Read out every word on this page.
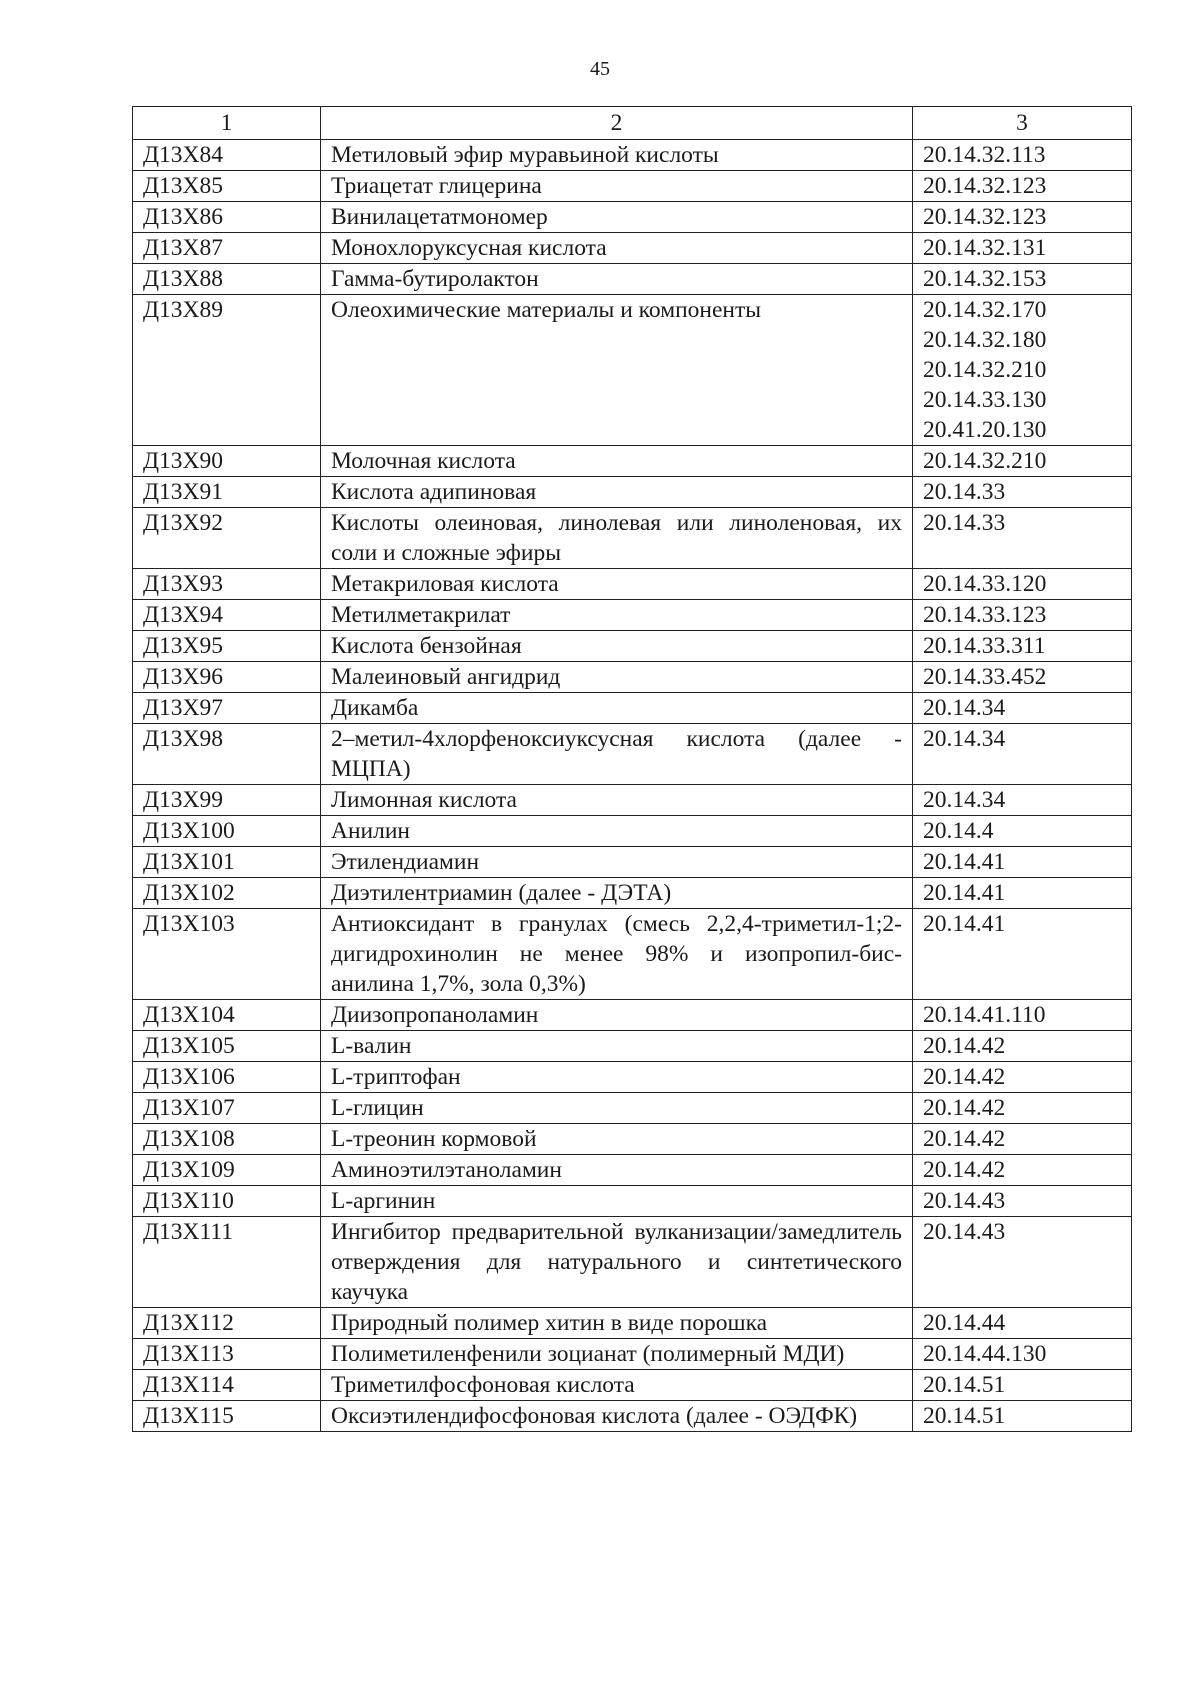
45
1	2	3
Д13Х84	Метиловый эфир муравьиной кислоты	20.14.32.113

Д13Х85	Триацетат глицерина	20.14.32.123

Д13Х86	Винилацетатмономер	20.14.32.123

Д13Х87	Монохлоруксусная кислота	20.14.32.131

Д13Х88	Гамма-бутиролактон	20.14.32.153

Д13Х89	Олеохимические материалы и компоненты	20.14.32.170
20.14.32.180
20.14.32.210
20.14.33.130
20.41.20.130

Д13Х90	Молочная кислота	20.14.32.210

Д13Х91	Кислота адипиновая	20.14.33

Д13Х92	Кислоты олеиновая, линолевая или линоленовая, их соли и сложные эфиры	20.14.33

Д13Х93	Метакриловая кислота	20.14.33.120

Д13Х94	Метилметакрилат	20.14.33.123

Д13Х95	Кислота бензойная	20.14.33.311

Д13Х96	Малеиновый ангидрид	20.14.33.452

Д13Х97	Дикамба	20.14.34

Д13Х98	2–метил-4хлорфеноксиуксусная кислота (далее - МЦПА)	20.14.34

Д13Х99	Лимонная кислота	20.14.34

Д13Х100	Анилин	20.14.4

Д13Х101	Этилендиамин	20.14.41

Д13Х102	Диэтилентриамин (далее - ДЭТА)	20.14.41

Д13Х103	Антиоксидант в гранулах (смесь 2,2,4-триметил-1;2-дигидрохинолин не менее 98% и изопропил-бис-анилина 1,7%, зола 0,3%)	20.14.41

Д13Х104	Диизопропаноламин	20.14.41.110

Д13Х105	L-валин	20.14.42

Д13Х106	L-триптофан	20.14.42

Д13Х107	L-глицин	20.14.42

Д13Х108	L-треонин кормовой	20.14.42

Д13Х109	Аминоэтилэтаноламин	20.14.42

Д13Х110	L-аргинин	20.14.43

Д13Х111	Ингибитор предварительной вулканизации/замедлитель отверждения для натурального и синтетического каучука	20.14.43

Д13Х112	Природный полимер хитин в виде порошка	20.14.44

Д13Х113	Полиметиленфенили зоцианат (полимерный МДИ)	20.14.44.130

Д13Х114	Триметилфосфоновая кислота	20.14.51

Д13Х115	Оксиэтилендифосфоновая кислота (далее - ОЭДФК)	20.14.51
